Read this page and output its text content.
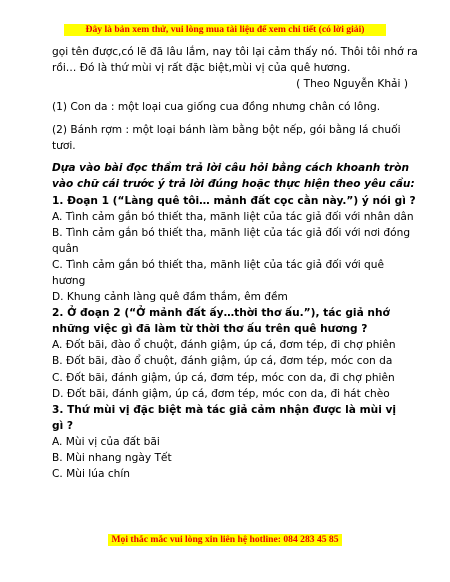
Đây là bản xem thử, vui lòng mua tài liệu để xem chi tiết (có lời giải)

gọi tên được,có lẽ đã lâu lắm, nay tôi lại cảm thấy nó. Thôi tôi nhớ ra

rồi… Đó là thứ mùi vị rất đặc biệt,mùi vị của quê hương.

( Theo Nguyễn Khải )

(1) Con da : một loại cua giống cua đồng nhưng chân có lông.

(2) Bánh rợm : một loại bánh làm bằng bột nếp, gói bằng lá chuối

tươi.

Dựa vào bài đọc thầm trả lời câu hỏi bằng cách khoanh tròn

vào chữ cái trước ý trả lời đúng hoặc thực hiện theo yêu cầu:

1. Đoạn 1 (“Làng quê tôi… mảnh đất cọc cằn này.”) ý nói gì ?

A. Tình cảm gắn bó thiết tha, mãnh liệt của tác giả đối với nhân dân

B. Tình cảm gắn bó thiết tha, mãnh liệt của tác giả đối với nơi đóng

quân

C. Tình cảm gắn bó thiết tha, mãnh liệt của tác giả đối với quê

hương

D. Khung cảnh làng quê đầm thắm, êm đềm

2. Ở đoạn 2 (“Ở mảnh đất ấy…thời thơ ấu.”), tác giả nhớ

những việc gì đã làm từ thời thơ ấu trên quê hương ?

A. Đốt bãi, đào ổ chuột, đánh giậm, úp cá, đơm tép, đi chợ phiên

B. Đốt bãi, đào ổ chuột, đánh giậm, úp cá, đơm tép, móc con da

C. Đốt bãi, đánh giậm, úp cá, đơm tép, móc con da, đi chợ phiên

D. Đốt bãi, đánh giậm, úp cá, đơm tép, móc con da, đi hát chèo

3. Thứ mùi vị đặc biệt mà tác giả cảm nhận được là mùi vị

gì ?

A. Mùi vị của đất bãi

B. Mùi nhang ngày Tết

C. Mùi lúa chín

Mọi thắc mắc vui lòng xin liên hệ hotline: 084 283 45 85
